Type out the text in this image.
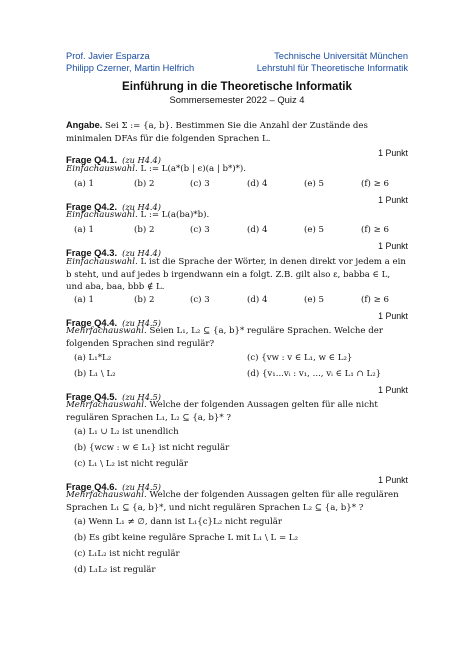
Prof. Javier Esparza
Philipp Czerner, Martin Helfrich
Technische Universität München
Lehrstuhl für Theoretische Informatik
Einführung in die Theoretische Informatik
Sommersemester 2022 – Quiz 4
Angabe. Sei Σ := {a, b}. Bestimmen Sie die Anzahl der Zustände des minimalen DFAs für die folgenden Sprachen L.
Frage Q4.1. (zu H4.4)
1 Punkt
Einfachauswahl. L := L(a*(b | ϵ)(a | b*)*).
(a) 1	(b) 2	(c) 3	(d) 4	(e) 5	(f) ≥ 6
Frage Q4.2. (zu H4.4)
1 Punkt
Einfachauswahl. L := L(a(ba)*b).
(a) 1	(b) 2	(c) 3	(d) 4	(e) 5	(f) ≥ 6
Frage Q4.3. (zu H4.4)
1 Punkt
Einfachauswahl. L ist die Sprache der Wörter, in denen direkt vor jedem a ein b steht, und auf jedes b irgendwann ein a folgt. Z.B. gilt also ε, babba ∈ L, und aba, baa, bbb ∉ L.
(a) 1	(b) 2	(c) 3	(d) 4	(e) 5	(f) ≥ 6
Frage Q4.4. (zu H4.5)
1 Punkt
Mehrfachauswahl. Seien L₁, L₂ ⊆ {a, b}* reguläre Sprachen. Welche der folgenden Sprachen sind regulär?
(a) L₁*L₂	(c) {vw : v ∈ L₁, w ∈ L₂}
(b) L₁ \ L₂	(d) {v₁...vᵢ : v₁, ..., vᵢ ∈ L₁ ∩ L₂}
Frage Q4.5. (zu H4.5)
1 Punkt
Mehrfachauswahl. Welche der folgenden Aussagen gelten für alle nicht regulären Sprachen L₁, L₂ ⊆ {a, b}* ?
(a) L₁ ∪ L₂ ist unendlich
(b) {wcw : w ∈ L₁} ist nicht regulär
(c) L₁ \ L₂ ist nicht regulär
Frage Q4.6. (zu H4.5)
1 Punkt
Mehrfachauswahl. Welche der folgenden Aussagen gelten für alle regulären Sprachen L₁ ⊆ {a, b}*, und nicht regulären Sprachen L₂ ⊆ {a, b}* ?
(a) Wenn L₁ ≠ ∅, dann ist L₁{c}L₂ nicht regulär
(b) Es gibt keine reguläre Sprache L mit L₁ \ L = L₂
(c) L₁L₂ ist nicht regulär
(d) L₁L₂ ist regulär
